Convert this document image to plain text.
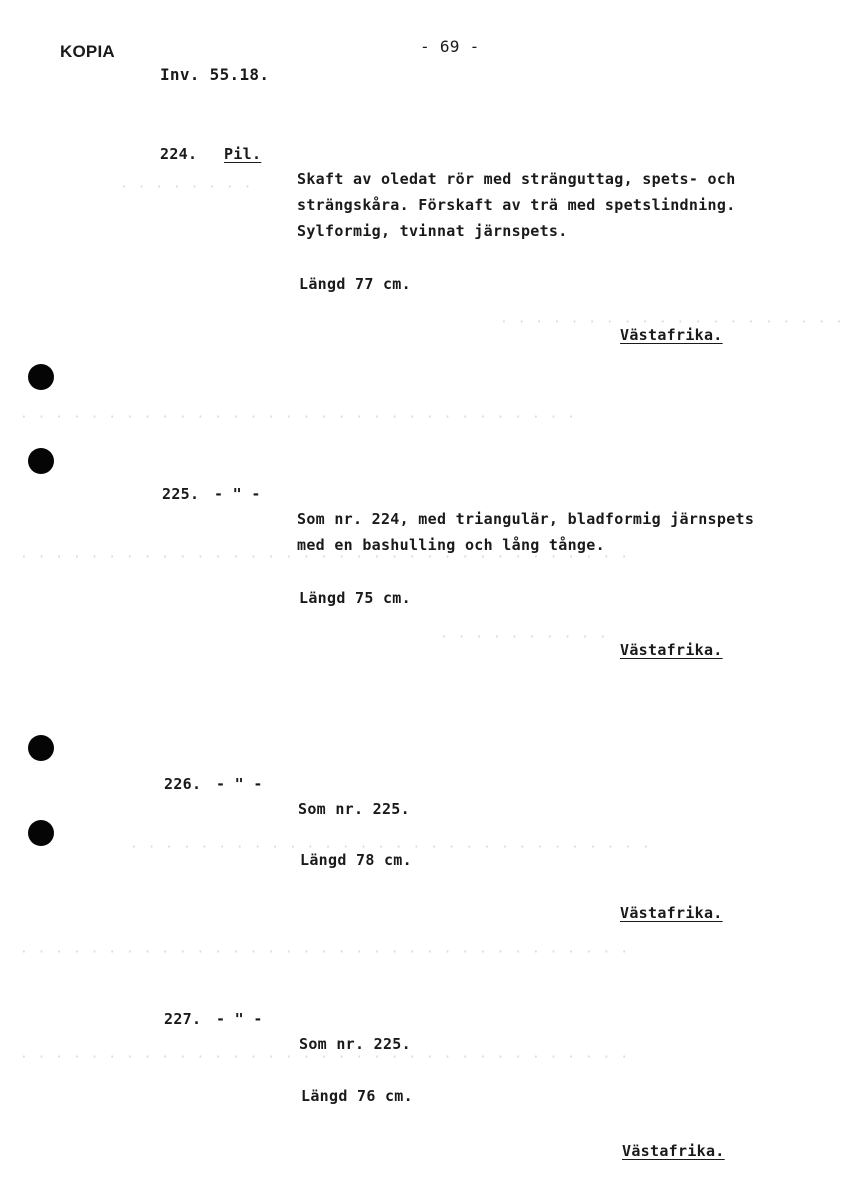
· · · · · · · ·
· · · · · · · · · · · · · · · · · · · ·
· · · · · · · · · · · · · · · · · · · · · · · · · · · · · · · ·
· · · · · · · · · · · · · · · · · · · · · · · · · · · · · · · · · · ·
· · · · · · · · · ·
· · · · · · · · · · · · · · · · · · · · · · · · · · · · · ·
· · · · · · · · · · · · · · · · · · · · · · · · · · · · · · · · · · ·
· · · · · · · · · · · · · · · · · · · · · · · · · · · · · · · · · · ·
KOPIA	- 69 -
Inv. 55.18.
224. Pil.
Skaft av oledat rör med stränguttag, spets- och
strängskåra. Förskaft av trä med spetslindning.
Sylformig, tvinnat järnspets.
Längd 77 cm.
Västafrika.
225. - " -
Som nr. 224, med triangulär, bladformig järnspets
med en bashulling och lång tånge.
Längd 75 cm.
Västafrika.
226. - " -
Som nr. 225.
Längd 78 cm.
Västafrika.
227. - " -
Som nr. 225.
Längd 76 cm.
Västafrika.
